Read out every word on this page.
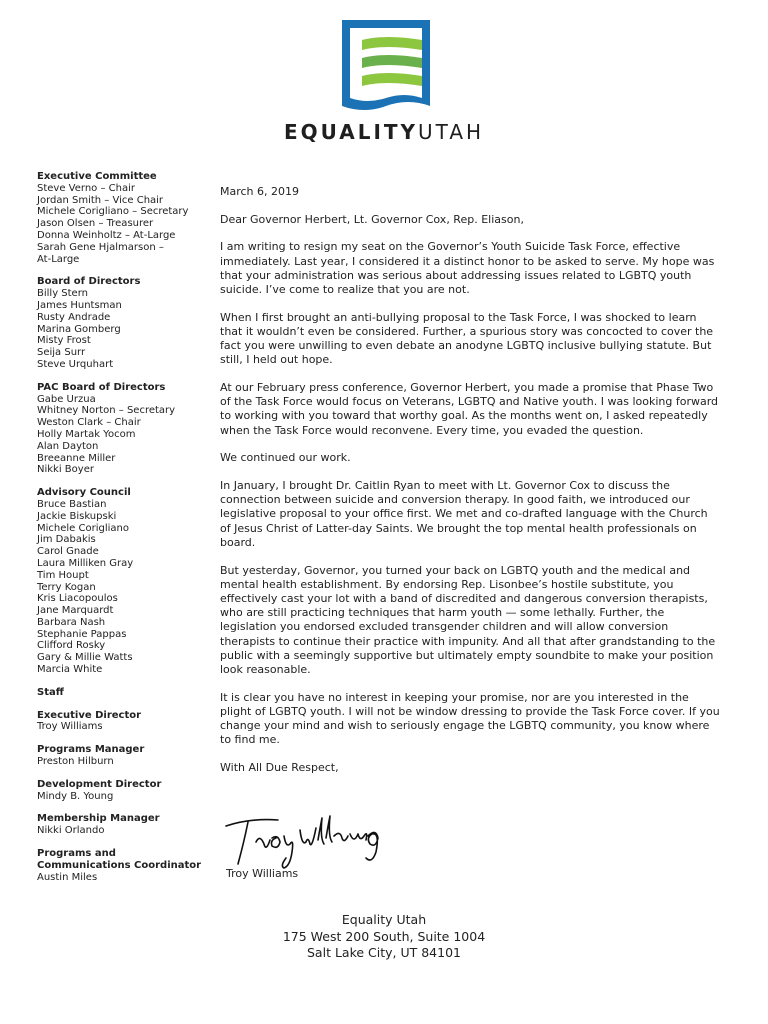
EQUALITYUTAH
Executive Committee
Steve Verno – Chair
Jordan Smith – Vice Chair
Michele Corigliano – Secretary
Jason Olsen – Treasurer
Donna Weinholtz – At-Large
Sarah Gene Hjalmarson –
At-Large
Board of Directors
Billy Stern
James Huntsman
Rusty Andrade
Marina Gomberg
Misty Frost
Seija Surr
Steve Urquhart
PAC Board of Directors
Gabe Urzua
Whitney Norton – Secretary
Weston Clark – Chair
Holly Martak Yocom
Alan Dayton
Breeanne Miller
Nikki Boyer
Advisory Council
Bruce Bastian
Jackie Biskupski
Michele Corigliano
Jim Dabakis
Carol Gnade
Laura Milliken Gray
Tim Houpt
Terry Kogan
Kris Liacopoulos
Jane Marquardt
Barbara Nash
Stephanie Pappas
Clifford Rosky
Gary & Millie Watts
Marcia White
Staff
Executive Director
Troy Williams
Programs Manager
Preston Hilburn
Development Director
Mindy B. Young
Membership Manager
Nikki Orlando
Programs and Communications Coordinator
Austin Miles

March 6, 2019

Dear Governor Herbert, Lt. Governor Cox, Rep. Eliason,

I am writing to resign my seat on the Governor’s Youth Suicide Task Force, effective immediately. Last year, I considered it a distinct honor to be asked to serve. My hope was that your administration was serious about addressing issues related to LGBTQ youth suicide. I’ve come to realize that you are not.

When I first brought an anti-bullying proposal to the Task Force, I was shocked to learn that it wouldn’t even be considered. Further, a spurious story was concocted to cover the fact you were unwilling to even debate an anodyne LGBTQ inclusive bullying statute. But still, I held out hope.

At our February press conference, Governor Herbert, you made a promise that Phase Two of the Task Force would focus on Veterans, LGBTQ and Native youth. I was looking forward to working with you toward that worthy goal. As the months went on, I asked repeatedly when the Task Force would reconvene. Every time, you evaded the question.

We continued our work.

In January, I brought Dr. Caitlin Ryan to meet with Lt. Governor Cox to discuss the connection between suicide and conversion therapy. In good faith, we introduced our legislative proposal to your office first. We met and co-drafted language with the Church of Jesus Christ of Latter-day Saints. We brought the top mental health professionals on board.

But yesterday, Governor, you turned your back on LGBTQ youth and the medical and mental health establishment. By endorsing Rep. Lisonbee’s hostile substitute, you effectively cast your lot with a band of discredited and dangerous conversion therapists, who are still practicing techniques that harm youth — some lethally. Further, the legislation you endorsed excluded transgender children and will allow conversion therapists to continue their practice with impunity. And all that after grandstanding to the public with a seemingly supportive but ultimately empty soundbite to make your position look reasonable.

It is clear you have no interest in keeping your promise, nor are you interested in the plight of LGBTQ youth. I will not be window dressing to provide the Task Force cover. If you change your mind and wish to seriously engage the LGBTQ community, you know where to find me.

With All Due Respect,

Troy Williams
Equality Utah
175 West 200 South, Suite 1004
Salt Lake City, UT 84101
